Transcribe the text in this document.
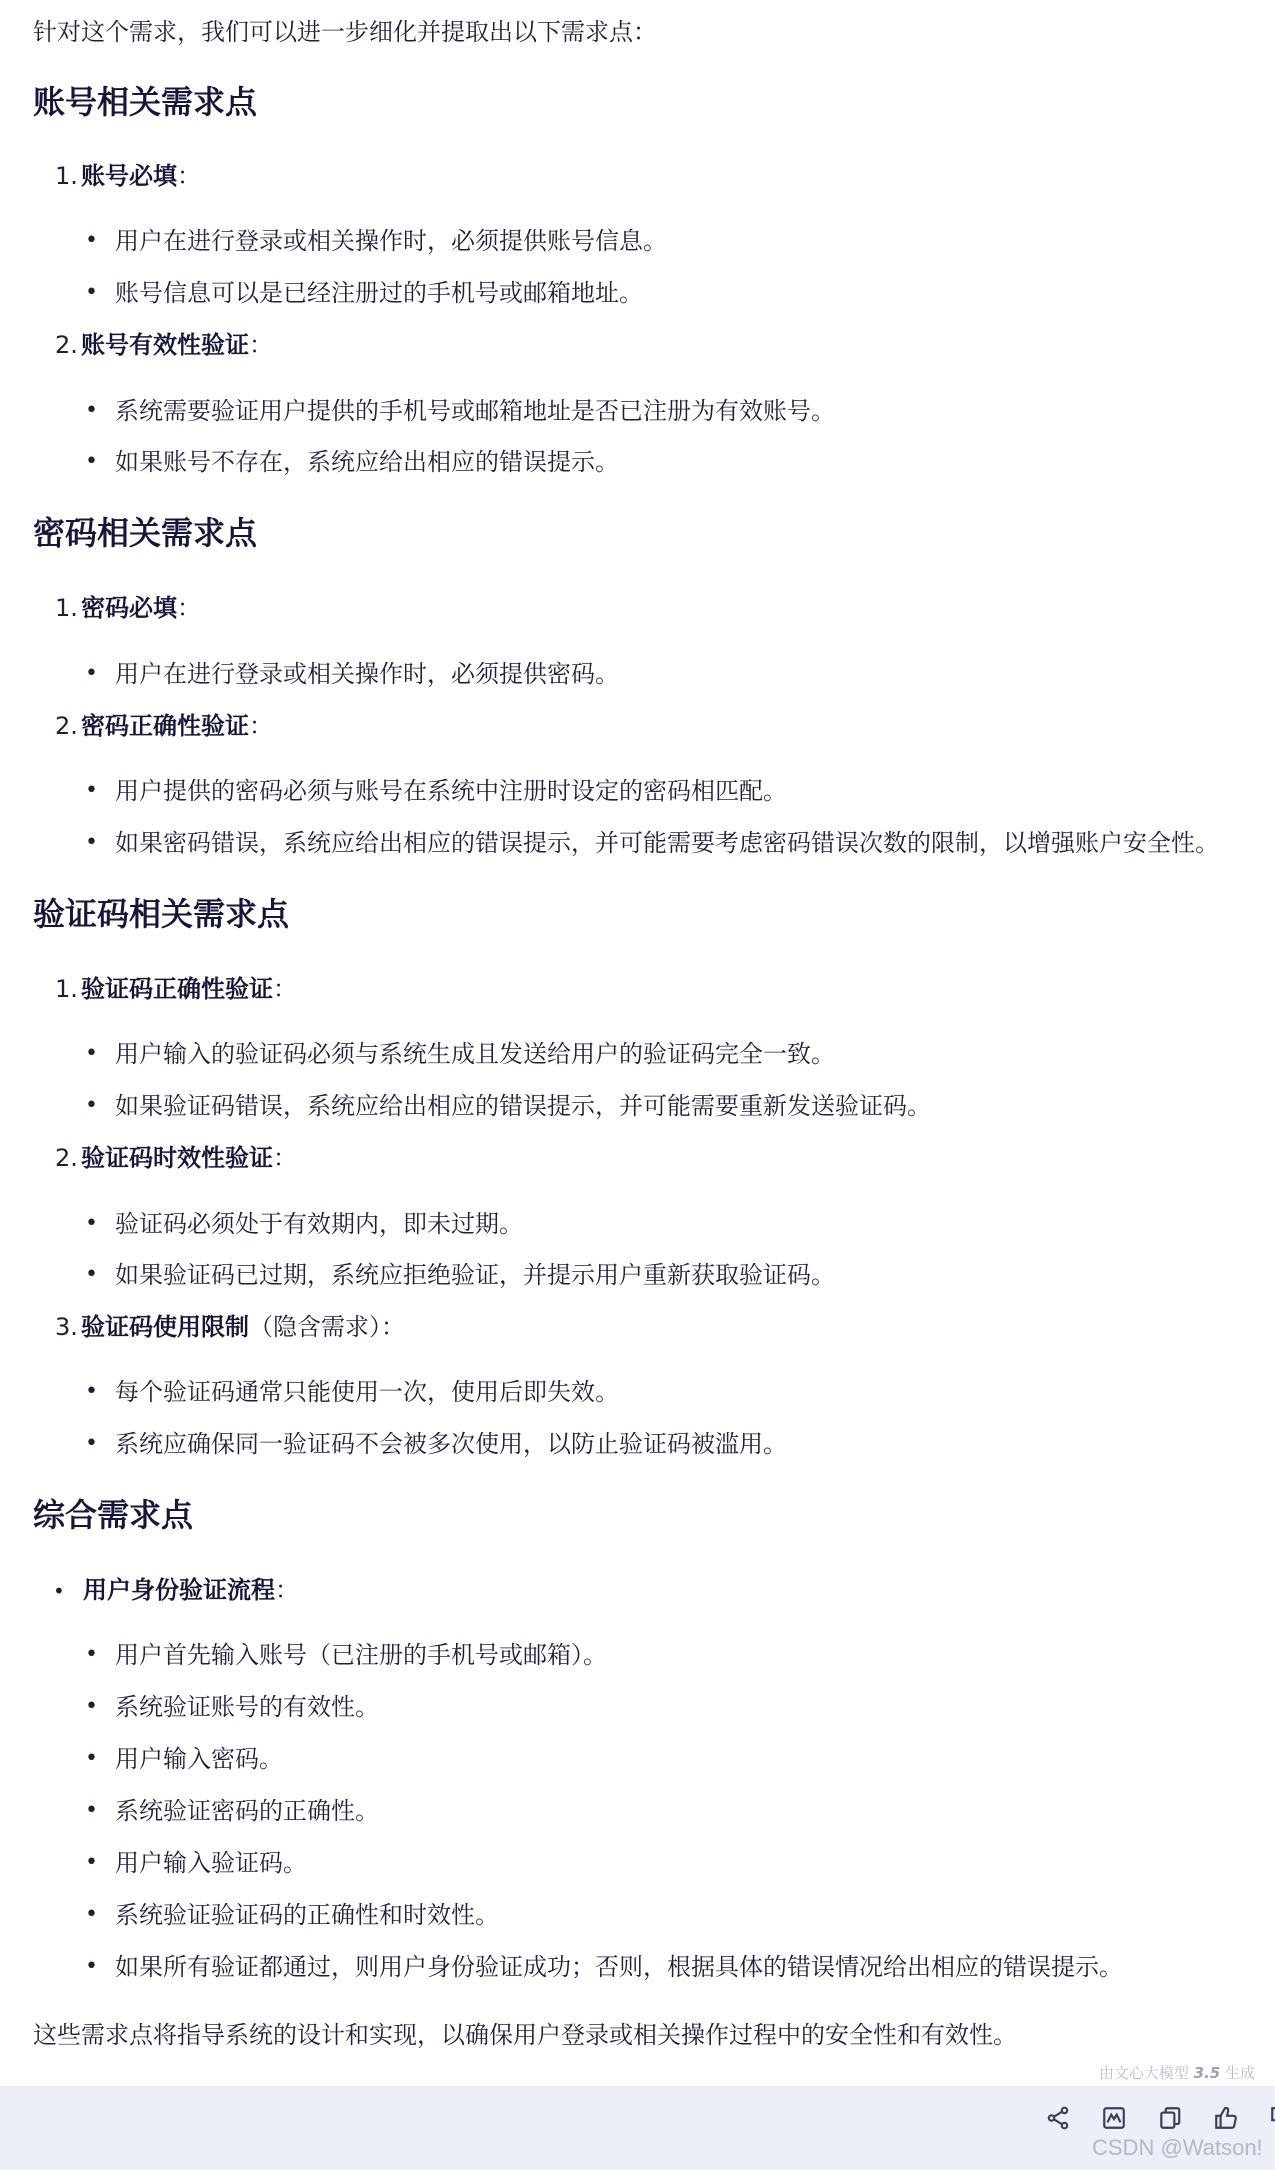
针对这个需求，我们可以进一步细化并提取出以下需求点：

账号相关需求点
1. 账号必填：
• 用户在进行登录或相关操作时，必须提供账号信息。
• 账号信息可以是已经注册过的手机号或邮箱地址。
2. 账号有效性验证：
• 系统需要验证用户提供的手机号或邮箱地址是否已注册为有效账号。
• 如果账号不存在，系统应给出相应的错误提示。
密码相关需求点
1. 密码必填：
• 用户在进行登录或相关操作时，必须提供密码。
2. 密码正确性验证：
• 用户提供的密码必须与账号在系统中注册时设定的密码相匹配。
• 如果密码错误，系统应给出相应的错误提示，并可能需要考虑密码错误次数的限制，以增强账户安全性。
验证码相关需求点
1. 验证码正确性验证：
• 用户输入的验证码必须与系统生成且发送给用户的验证码完全一致。
• 如果验证码错误，系统应给出相应的错误提示，并可能需要重新发送验证码。
2. 验证码时效性验证：
• 验证码必须处于有效期内，即未过期。
• 如果验证码已过期，系统应拒绝验证，并提示用户重新获取验证码。
3. 验证码使用限制（隐含需求）：
• 每个验证码通常只能使用一次，使用后即失效。
• 系统应确保同一验证码不会被多次使用，以防止验证码被滥用。
综合需求点
• 用户身份验证流程：
• 用户首先输入账号（已注册的手机号或邮箱）。
• 系统验证账号的有效性。
• 用户输入密码。
• 系统验证密码的正确性。
• 用户输入验证码。
• 系统验证验证码的正确性和时效性。
• 如果所有验证都通过，则用户身份验证成功；否则，根据具体的错误情况给出相应的错误提示。

这些需求点将指导系统的设计和实现，以确保用户登录或相关操作过程中的安全性和有效性。

由文心大模型 3.5 生成
CSDN @Watson!
